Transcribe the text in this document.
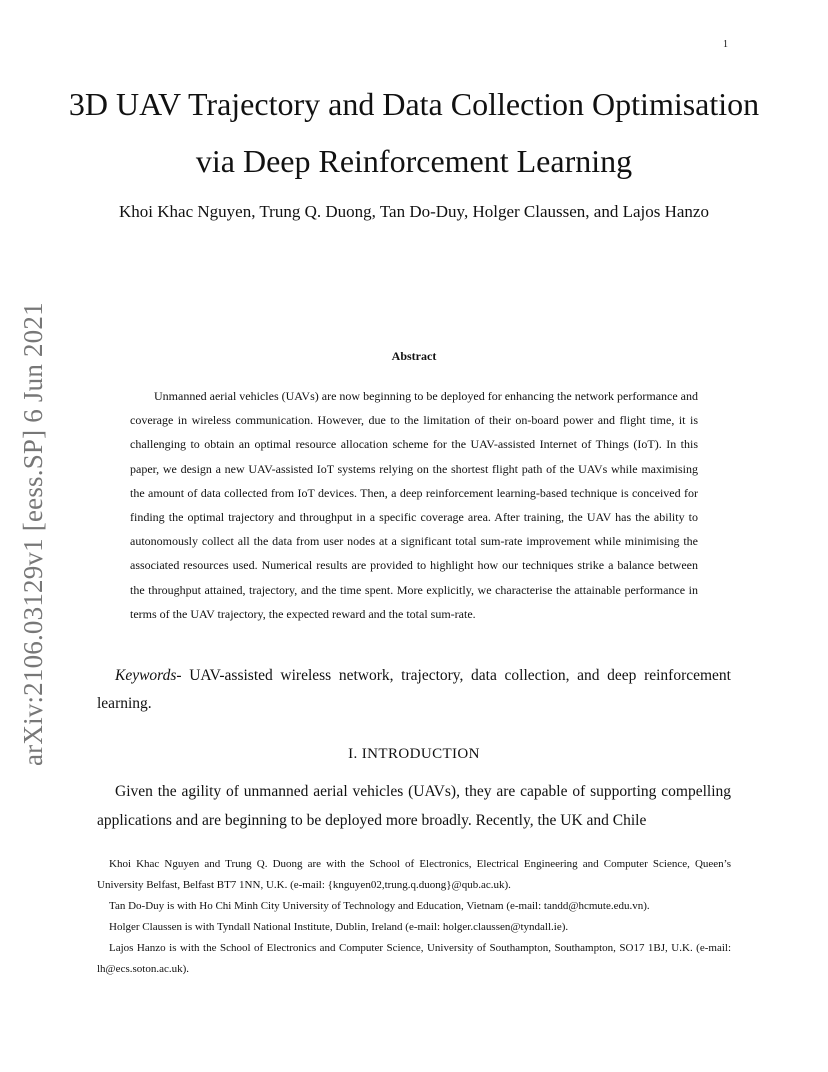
1
arXiv:2106.03129v1 [eess.SP] 6 Jun 2021
3D UAV Trajectory and Data Collection Optimisation via Deep Reinforcement Learning
Khoi Khac Nguyen, Trung Q. Duong, Tan Do-Duy, Holger Claussen, and Lajos Hanzo
Abstract

Unmanned aerial vehicles (UAVs) are now beginning to be deployed for enhancing the network performance and coverage in wireless communication. However, due to the limitation of their on-board power and flight time, it is challenging to obtain an optimal resource allocation scheme for the UAV-assisted Internet of Things (IoT). In this paper, we design a new UAV-assisted IoT systems relying on the shortest flight path of the UAVs while maximising the amount of data collected from IoT devices. Then, a deep reinforcement learning-based technique is conceived for finding the optimal trajectory and throughput in a specific coverage area. After training, the UAV has the ability to autonomously collect all the data from user nodes at a significant total sum-rate improvement while minimising the associated resources used. Numerical results are provided to highlight how our techniques strike a balance between the throughput attained, trajectory, and the time spent. More explicitly, we characterise the attainable performance in terms of the UAV trajectory, the expected reward and the total sum-rate.

Keywords- UAV-assisted wireless network, trajectory, data collection, and deep reinforcement learning.

I. INTRODUCTION

Given the agility of unmanned aerial vehicles (UAVs), they are capable of supporting compelling applications and are beginning to be deployed more broadly. Recently, the UK and Chile

Khoi Khac Nguyen and Trung Q. Duong are with the School of Electronics, Electrical Engineering and Computer Science, Queen’s University Belfast, Belfast BT7 1NN, U.K. (e-mail: {knguyen02,trung.q.duong}@qub.ac.uk).

Tan Do-Duy is with Ho Chi Minh City University of Technology and Education, Vietnam (e-mail: tandd@hcmute.edu.vn).

Holger Claussen is with Tyndall National Institute, Dublin, Ireland (e-mail: holger.claussen@tyndall.ie).

Lajos Hanzo is with the School of Electronics and Computer Science, University of Southampton, Southampton, SO17 1BJ, U.K. (e-mail: lh@ecs.soton.ac.uk).
